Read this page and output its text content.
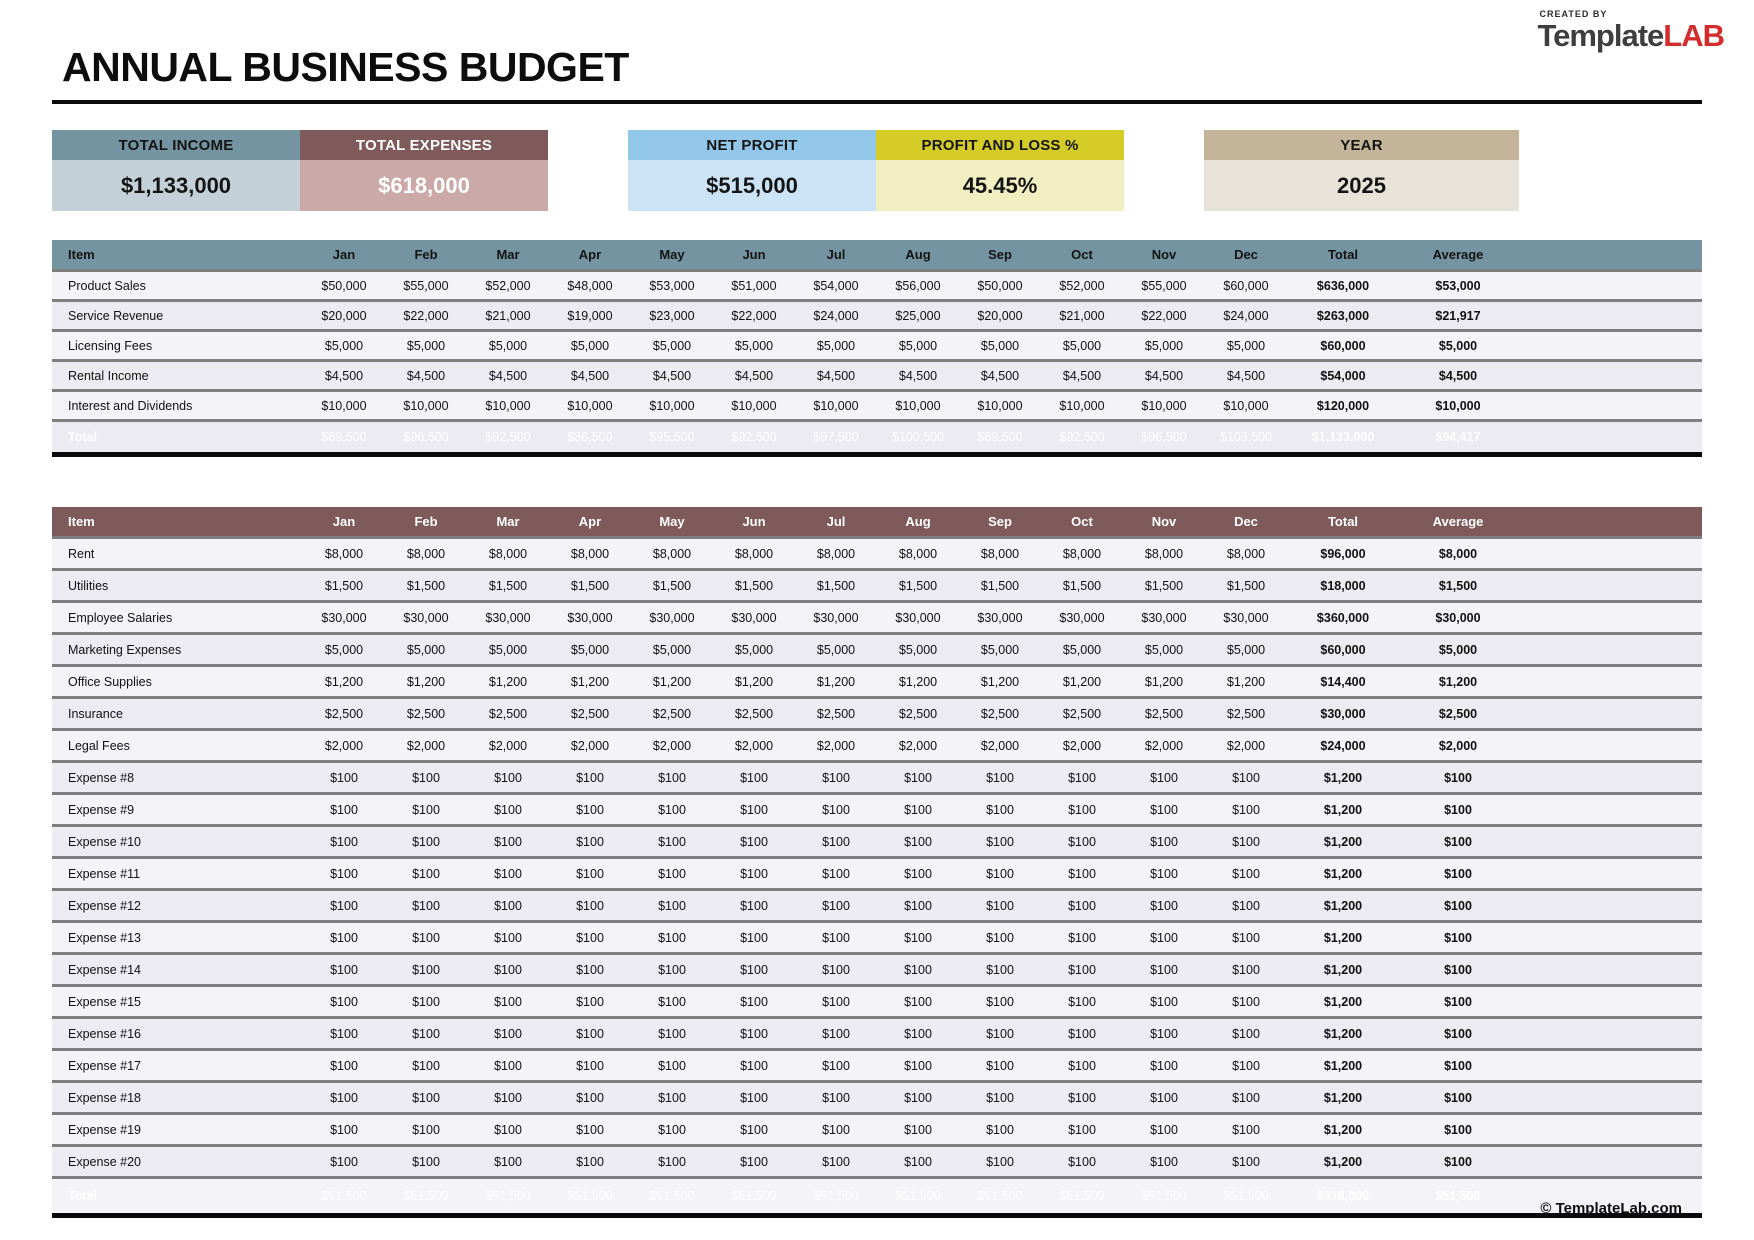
CREATED BY
TemplateLAB
ANNUAL BUSINESS BUDGET
TOTAL INCOME
$1,133,000
TOTAL EXPENSES
$618,000
NET PROFIT
$515,000
PROFIT AND LOSS %
45.45%
YEAR
2025
Item	Jan	Feb	Mar	Apr	May	Jun	Jul	Aug	Sep	Oct	Nov	Dec	Total	Average	
Product Sales	$50,000	$55,000	$52,000	$48,000	$53,000	$51,000	$54,000	$56,000	$50,000	$52,000	$55,000	$60,000	$636,000	$53,000	
Service Revenue	$20,000	$22,000	$21,000	$19,000	$23,000	$22,000	$24,000	$25,000	$20,000	$21,000	$22,000	$24,000	$263,000	$21,917	
Licensing Fees	$5,000	$5,000	$5,000	$5,000	$5,000	$5,000	$5,000	$5,000	$5,000	$5,000	$5,000	$5,000	$60,000	$5,000	
Rental Income	$4,500	$4,500	$4,500	$4,500	$4,500	$4,500	$4,500	$4,500	$4,500	$4,500	$4,500	$4,500	$54,000	$4,500	
Interest and Dividends	$10,000	$10,000	$10,000	$10,000	$10,000	$10,000	$10,000	$10,000	$10,000	$10,000	$10,000	$10,000	$120,000	$10,000	
Total	$89,500	$96,500	$92,500	$86,500	$95,500	$92,500	$97,500	$100,500	$89,500	$92,500	$96,500	$103,500	$1,133,000	$94,417	
Item	Jan	Feb	Mar	Apr	May	Jun	Jul	Aug	Sep	Oct	Nov	Dec	Total	Average	
Rent	$8,000	$8,000	$8,000	$8,000	$8,000	$8,000	$8,000	$8,000	$8,000	$8,000	$8,000	$8,000	$96,000	$8,000	
Utilities	$1,500	$1,500	$1,500	$1,500	$1,500	$1,500	$1,500	$1,500	$1,500	$1,500	$1,500	$1,500	$18,000	$1,500	
Employee Salaries	$30,000	$30,000	$30,000	$30,000	$30,000	$30,000	$30,000	$30,000	$30,000	$30,000	$30,000	$30,000	$360,000	$30,000	
Marketing Expenses	$5,000	$5,000	$5,000	$5,000	$5,000	$5,000	$5,000	$5,000	$5,000	$5,000	$5,000	$5,000	$60,000	$5,000	
Office Supplies	$1,200	$1,200	$1,200	$1,200	$1,200	$1,200	$1,200	$1,200	$1,200	$1,200	$1,200	$1,200	$14,400	$1,200	
Insurance	$2,500	$2,500	$2,500	$2,500	$2,500	$2,500	$2,500	$2,500	$2,500	$2,500	$2,500	$2,500	$30,000	$2,500	
Legal Fees	$2,000	$2,000	$2,000	$2,000	$2,000	$2,000	$2,000	$2,000	$2,000	$2,000	$2,000	$2,000	$24,000	$2,000	
Expense #8	$100	$100	$100	$100	$100	$100	$100	$100	$100	$100	$100	$100	$1,200	$100	
Expense #9	$100	$100	$100	$100	$100	$100	$100	$100	$100	$100	$100	$100	$1,200	$100	
Expense #10	$100	$100	$100	$100	$100	$100	$100	$100	$100	$100	$100	$100	$1,200	$100	
Expense #11	$100	$100	$100	$100	$100	$100	$100	$100	$100	$100	$100	$100	$1,200	$100	
Expense #12	$100	$100	$100	$100	$100	$100	$100	$100	$100	$100	$100	$100	$1,200	$100	
Expense #13	$100	$100	$100	$100	$100	$100	$100	$100	$100	$100	$100	$100	$1,200	$100	
Expense #14	$100	$100	$100	$100	$100	$100	$100	$100	$100	$100	$100	$100	$1,200	$100	
Expense #15	$100	$100	$100	$100	$100	$100	$100	$100	$100	$100	$100	$100	$1,200	$100	
Expense #16	$100	$100	$100	$100	$100	$100	$100	$100	$100	$100	$100	$100	$1,200	$100	
Expense #17	$100	$100	$100	$100	$100	$100	$100	$100	$100	$100	$100	$100	$1,200	$100	
Expense #18	$100	$100	$100	$100	$100	$100	$100	$100	$100	$100	$100	$100	$1,200	$100	
Expense #19	$100	$100	$100	$100	$100	$100	$100	$100	$100	$100	$100	$100	$1,200	$100	
Expense #20	$100	$100	$100	$100	$100	$100	$100	$100	$100	$100	$100	$100	$1,200	$100	
Total	$51,500	$51,500	$51,500	$51,500	$51,500	$51,500	$51,500	$51,500	$51,500	$51,500	$51,500	$51,500	$618,000	$51,500	
© TemplateLab.com
